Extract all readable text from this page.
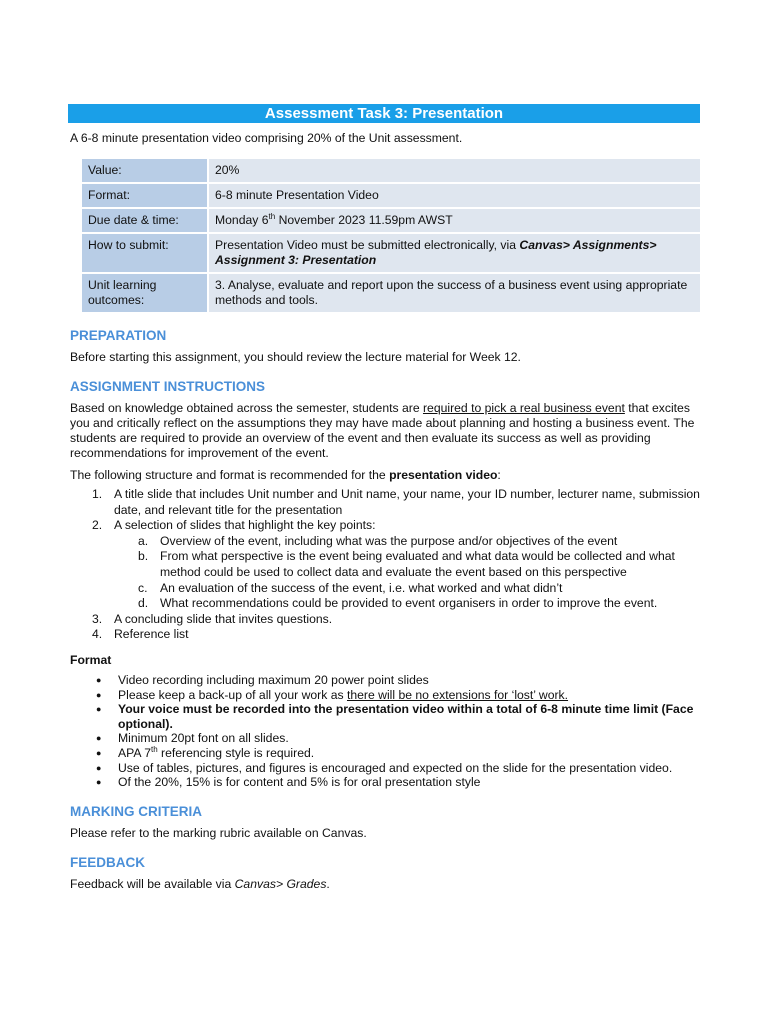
Assessment Task 3: Presentation

A 6-8 minute presentation video comprising 20% of the Unit assessment.

Value:	20%
Format:	6-8 minute Presentation Video
Due date & time:	Monday 6th November 2023 11.59pm AWST
How to submit:	Presentation Video must be submitted electronically, via Canvas> Assignments> Assignment 3: Presentation
Unit learning outcomes:	3. Analyse, evaluate and report upon the success of a business event using appropriate methods and tools.
PREPARATION

Before starting this assignment, you should review the lecture material for Week 12.

ASSIGNMENT INSTRUCTIONS

Based on knowledge obtained across the semester, students are required to pick a real business event that excites you and critically reflect on the assumptions they may have made about planning and hosting a business event. The students are required to provide an overview of the event and then evaluate its success as well as providing recommendations for improvement of the event.

The following structure and format is recommended for the presentation video:

1. A title slide that includes Unit number and Unit name, your name, your ID number, lecturer name, submission date, and relevant title for the presentation
2. A selection of slides that highlight the key points:
a. Overview of the event, including what was the purpose and/or objectives of the event
b. From what perspective is the event being evaluated and what data would be collected and what method could be used to collect data and evaluate the event based on this perspective
c. An evaluation of the success of the event, i.e. what worked and what didn’t
d. What recommendations could be provided to event organisers in order to improve the event.
3. A concluding slide that invites questions.
4. Reference list
Format
● Video recording including maximum 20 power point slides
● Please keep a back-up of all your work as there will be no extensions for ‘lost’ work.
● Your voice must be recorded into the presentation video within a total of 6-8 minute time limit (Face optional).
● Minimum 20pt font on all slides.
● APA 7th referencing style is required.
● Use of tables, pictures, and figures is encouraged and expected on the slide for the presentation video.
● Of the 20%, 15% is for content and 5% is for oral presentation style
MARKING CRITERIA

Please refer to the marking rubric available on Canvas.

FEEDBACK

Feedback will be available via Canvas> Grades.
